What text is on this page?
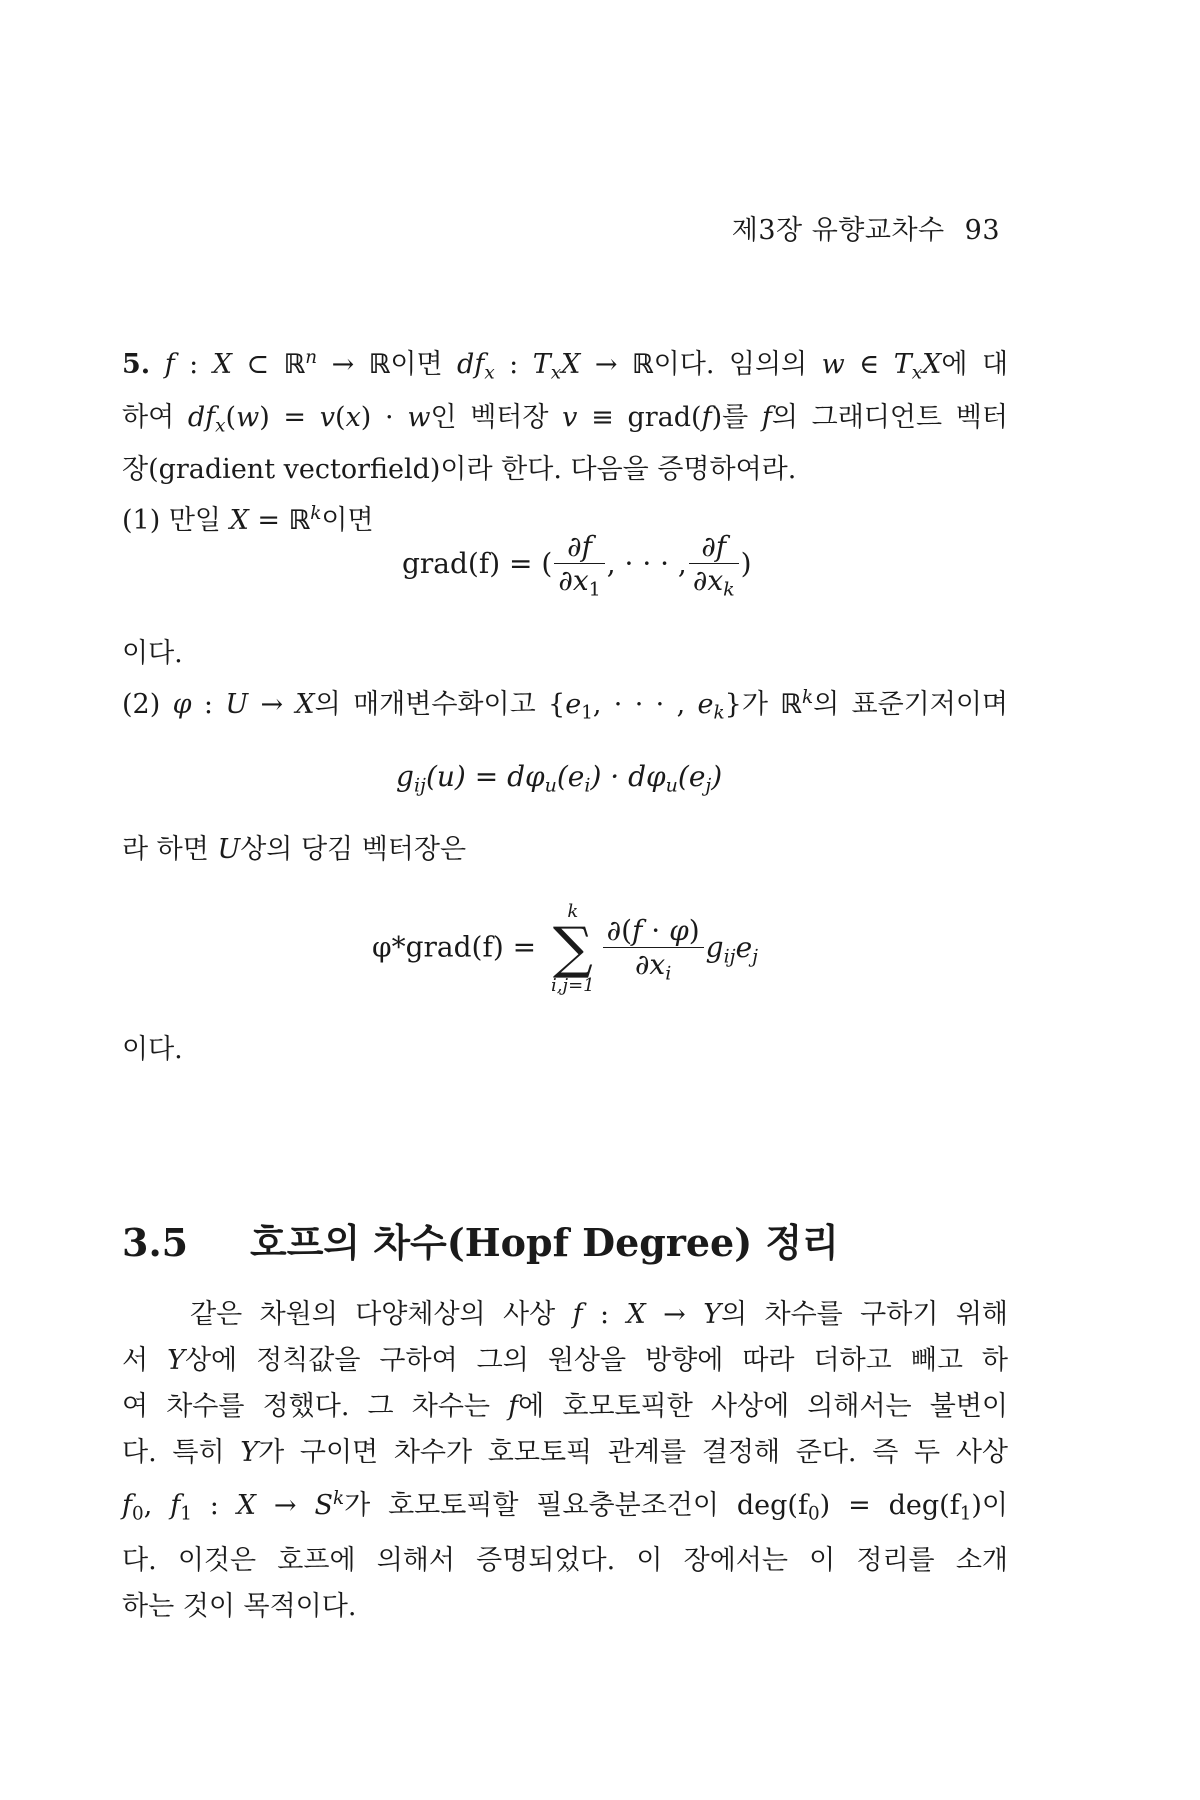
제3장 유향교차수 93
5. f : X ⊂ ℝ$^n$ → ℝ이면 $df_x$ : $T_xX$ → ℝ이다. 임의의 w ∈ $T_xX$에 대
하여 $df_x(w) = v(x) \cdot w$인 벡터장 v ≡ grad(f)를 f의 그래디언트 벡터
장(gradient vectorfield)이라 한다. 다음을 증명하여라.
(1) 만일 X = ℝ$^k$이면
grad(f) = ( $\frac{\partial f}{\partial x_1}$ , · · · , $\frac{\partial f}{\partial x_k}$ )
이다.
(2) φ : U → X의 매개변수화이고 {$e_1$, · · · , $e_k$}가 ℝ$^k$의 표준기저이며
$g_{ij}(u) = d\varphi_u(e_i) \cdot d\varphi_u(e_j)$
라 하면 U상의 당김 벡터장은
φ*grad(f) =
k
∑
i,j=1
$\frac{\partial(f \cdot \varphi)}{\partial x_i} g_{ij}e_j$
이다.
3.5 호프의 차수(Hopf Degree) 정리
같은 차원의 다양체상의 사상 f : X → Y의 차수를 구하기 위해
서 Y상에 정칙값을 구하여 그의 원상을 방향에 따라 더하고 빼고 하
여 차수를 정했다. 그 차수는 f에 호모토픽한 사상에 의해서는 불변이
다. 특히 Y가 구이면 차수가 호모토픽 관계를 결정해 준다. 즉 두 사상
$f_0$, $f_1$ : $X \to S^k$가 호모토픽할 필요충분조건이 $deg(f_0) = deg(f_1)$이
다. 이것은 호프에 의해서 증명되었다. 이 장에서는 이 정리를 소개
하는 것이 목적이다.
